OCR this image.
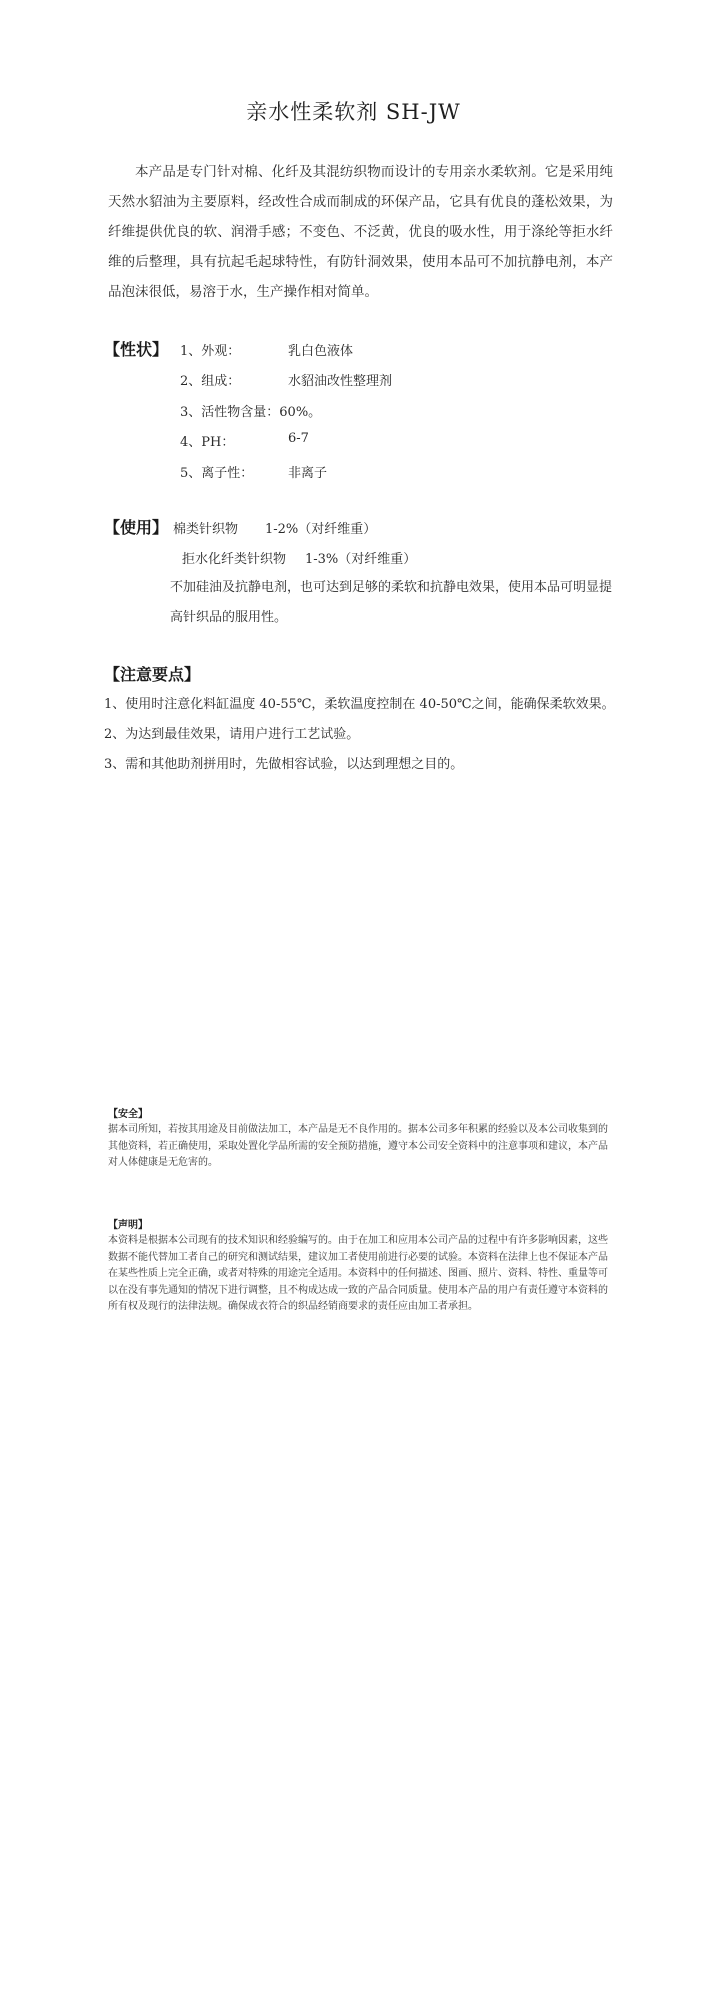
亲水性柔软剂 SH-JW

本产品是专门针对棉、化纤及其混纺织物而设计的专用亲水柔软剂。它是采用纯天然水貂油为主要原料，经改性合成而制成的环保产品，它具有优良的蓬松效果，为纤维提供优良的软、润滑手感；不变色、不泛黄，优良的吸水性，用于涤纶等拒水纤维的后整理，具有抗起毛起球特性，有防针洞效果，使用本品可不加抗静电剂，本产品泡沫很低，易溶于水，生产操作相对简单。

【性状】 1、外观：	乳白色液体
2、组成：	水貂油改性整理剂
3、活性物含量：60%。
4、PH：	6-7
5、离子性：	非离子
【使用】 棉类针织物 1-2%（对纤维重）
拒水化纤类针织物 1-3%（对纤维重）
不加硅油及抗静电剂，也可达到足够的柔软和抗静电效果，使用本品可明显提高针织品的服用性。
【注意要点】

1、使用时注意化料缸温度 40-55℃，柔软温度控制在 40-50℃之间，能确保柔软效果。

2、为达到最佳效果，请用户进行工艺试验。

3、需和其他助剂拼用时，先做相容试验，以达到理想之目的。

【安全】
据本司所知，若按其用途及目前做法加工，本产品是无不良作用的。据本公司多年积累的经验以及本公司收集到的其他资料，若正确使用，采取处置化学品所需的安全预防措施，遵守本公司安全资料中的注意事项和建议，本产品对人体健康是无危害的。
【声明】
本资料是根据本公司现有的技术知识和经验编写的。由于在加工和应用本公司产品的过程中有许多影响因素，这些数据不能代替加工者自己的研究和测试结果，建议加工者使用前进行必要的试验。本资料在法律上也不保证本产品在某些性质上完全正确，或者对特殊的用途完全适用。本资料中的任何描述、图画、照片、资料、特性、重量等可以在没有事先通知的情况下进行调整，且不构成达成一致的产品合同质量。使用本产品的用户有责任遵守本资料的所有权及现行的法律法规。确保成衣符合的织品经销商要求的责任应由加工者承担。
